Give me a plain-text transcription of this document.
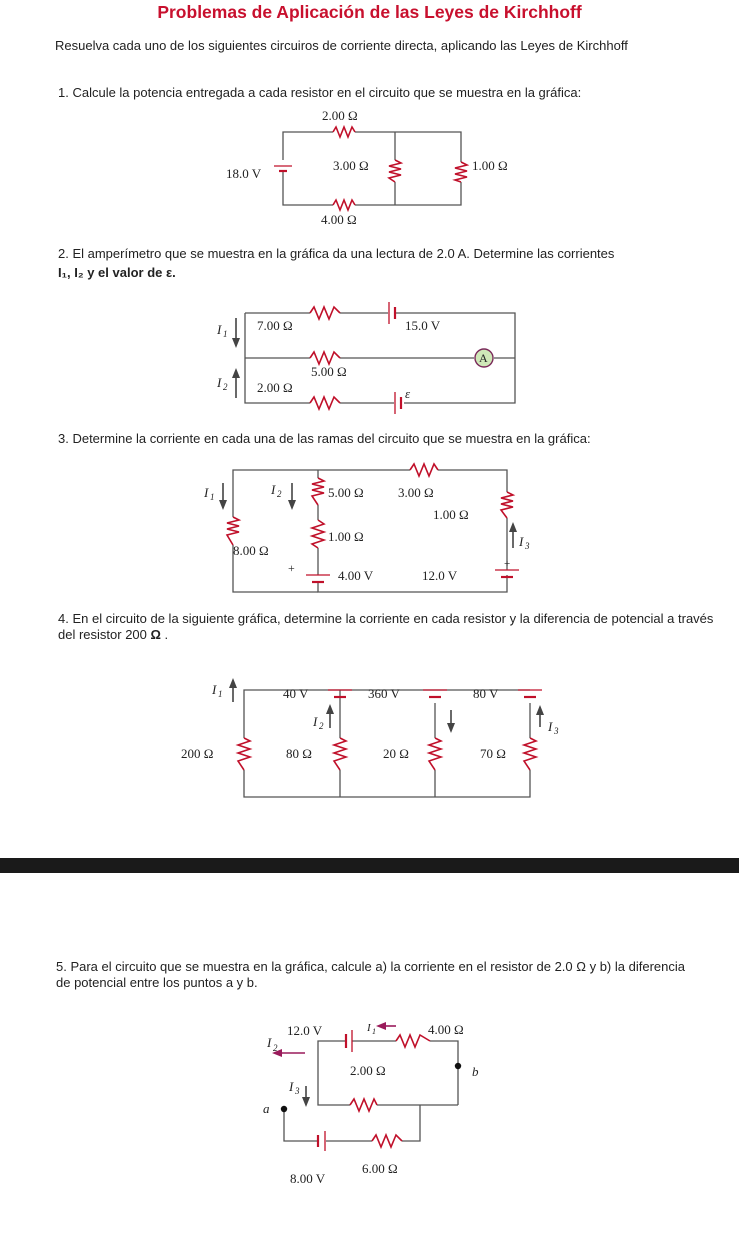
Problemas de Aplicación de las Leyes de Kirchhoff
Resuelva cada uno de los siguientes circuiros de corriente directa, aplicando las Leyes de Kirchhoff
1. Calcule la potencia entregada a cada resistor en el circuito que se muestra en la gráfica:
2.00 Ω
18.0 V
3.00 Ω	1.00 Ω
4.00 Ω
2. El amperímetro que se muestra en la gráfica da una lectura de 2.0 A. Determine las corrientes
I₁, I₂ y el valor de ε.
A
I 1
I 2
7.00 Ω	15.0 V
5.00 Ω
2.00 Ω	ε
3. Determine la corriente en cada una de las ramas del circuito que se muestra en la gráfica:
I 1	I 2
I 3
5.00 Ω	3.00 Ω
1.00 Ω
1.00 Ω
8.00 Ω
+	+
4.00 V	12.0 V
4. En el circuito de la siguiente gráfica, determine la corriente en cada resistor y la diferencia de potencial a través del resistor 200 Ω .
I 1
I 2	I 3
40 V	360 V	80 V
200 Ω	80 Ω	20 Ω	70 Ω
5. Para el circuito que se muestra en la gráfica, calcule a) la corriente en el resistor de 2.0 Ω y b) la diferencia de potencial entre los puntos a y b.
I 2
12.0 V	I 1	4.00 Ω
2.00 Ω	b
I 3
a
8.00 V
6.00 Ω
